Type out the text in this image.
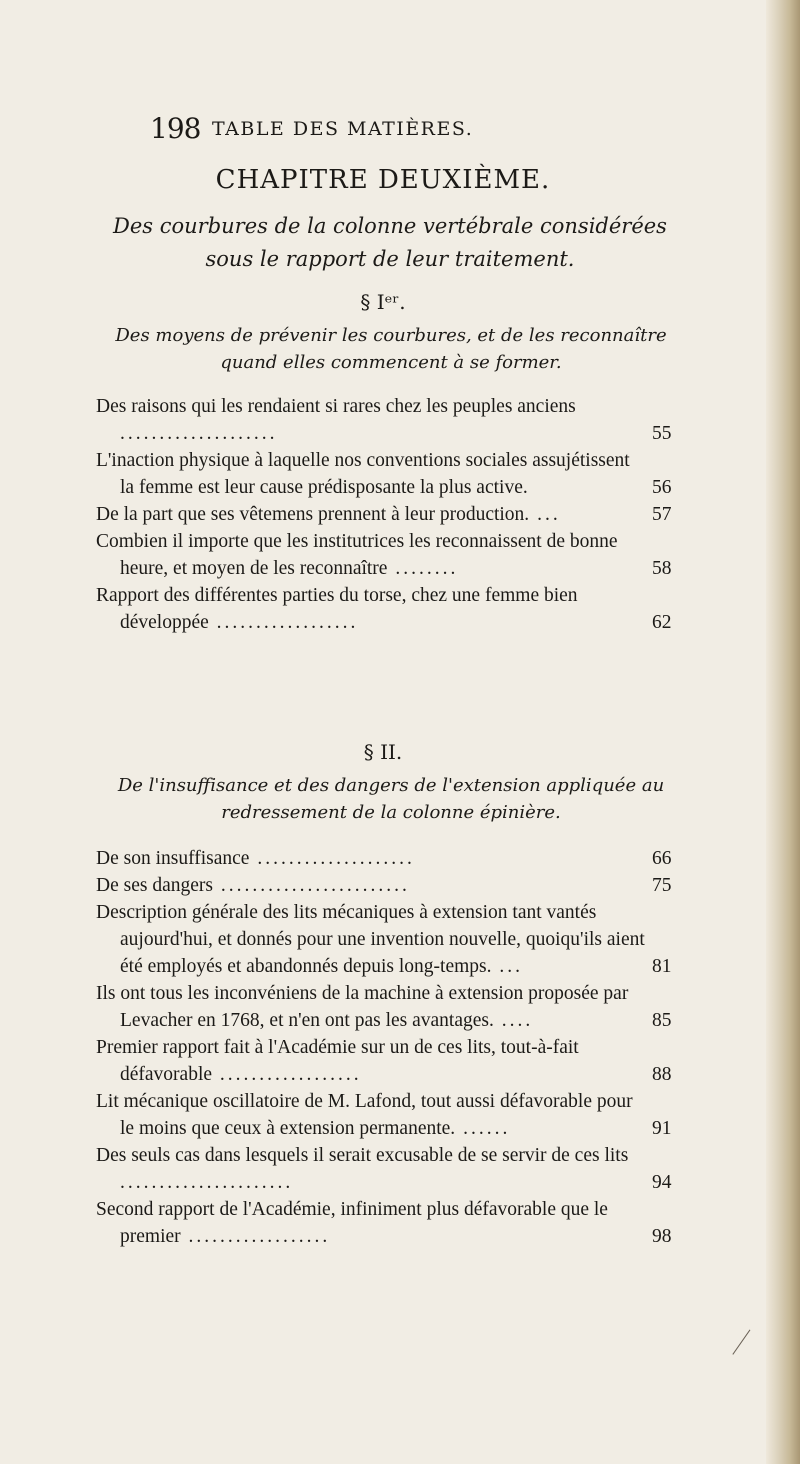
198 TABLE DES MATIÈRES.
CHAPITRE DEUXIÈME.
Des courbures de la colonne vertébrale considérées sous le rapport de leur traitement.
§ Iᵉʳ.
Des moyens de prévenir les courbures, et de les reconnaître quand elles commencent à se former.
Des raisons qui les rendaient si rares chez les peuples anciens ....................	55
L'inaction physique à laquelle nos conventions sociales assujétissent la femme est leur cause prédisposante la plus active.	56
De la part que ses vêtemens prennent à leur production. ...	57
Combien il importe que les institutrices les reconnaissent de bonne heure, et moyen de les reconnaître ........	58
Rapport des différentes parties du torse, chez une femme bien développée ..................	62
§ II.
De l'insuffisance et des dangers de l'extension appliquée au redressement de la colonne épinière.
De son insuffisance ....................	66
De ses dangers ........................	75
Description générale des lits mécaniques à extension tant vantés aujourd'hui, et donnés pour une invention nouvelle, quoiqu'ils aient été employés et abandonnés depuis long-temps. ...	81
Ils ont tous les inconvéniens de la machine à extension proposée par Levacher en 1768, et n'en ont pas les avantages. ....	85
Premier rapport fait à l'Académie sur un de ces lits, tout-à-fait défavorable ..................	88
Lit mécanique oscillatoire de M. Lafond, tout aussi défavorable pour le moins que ceux à extension permanente. ......	91
Des seuls cas dans lesquels il serait excusable de se servir de ces lits ......................	94
Second rapport de l'Académie, infiniment plus défavorable que le premier ..................	98
